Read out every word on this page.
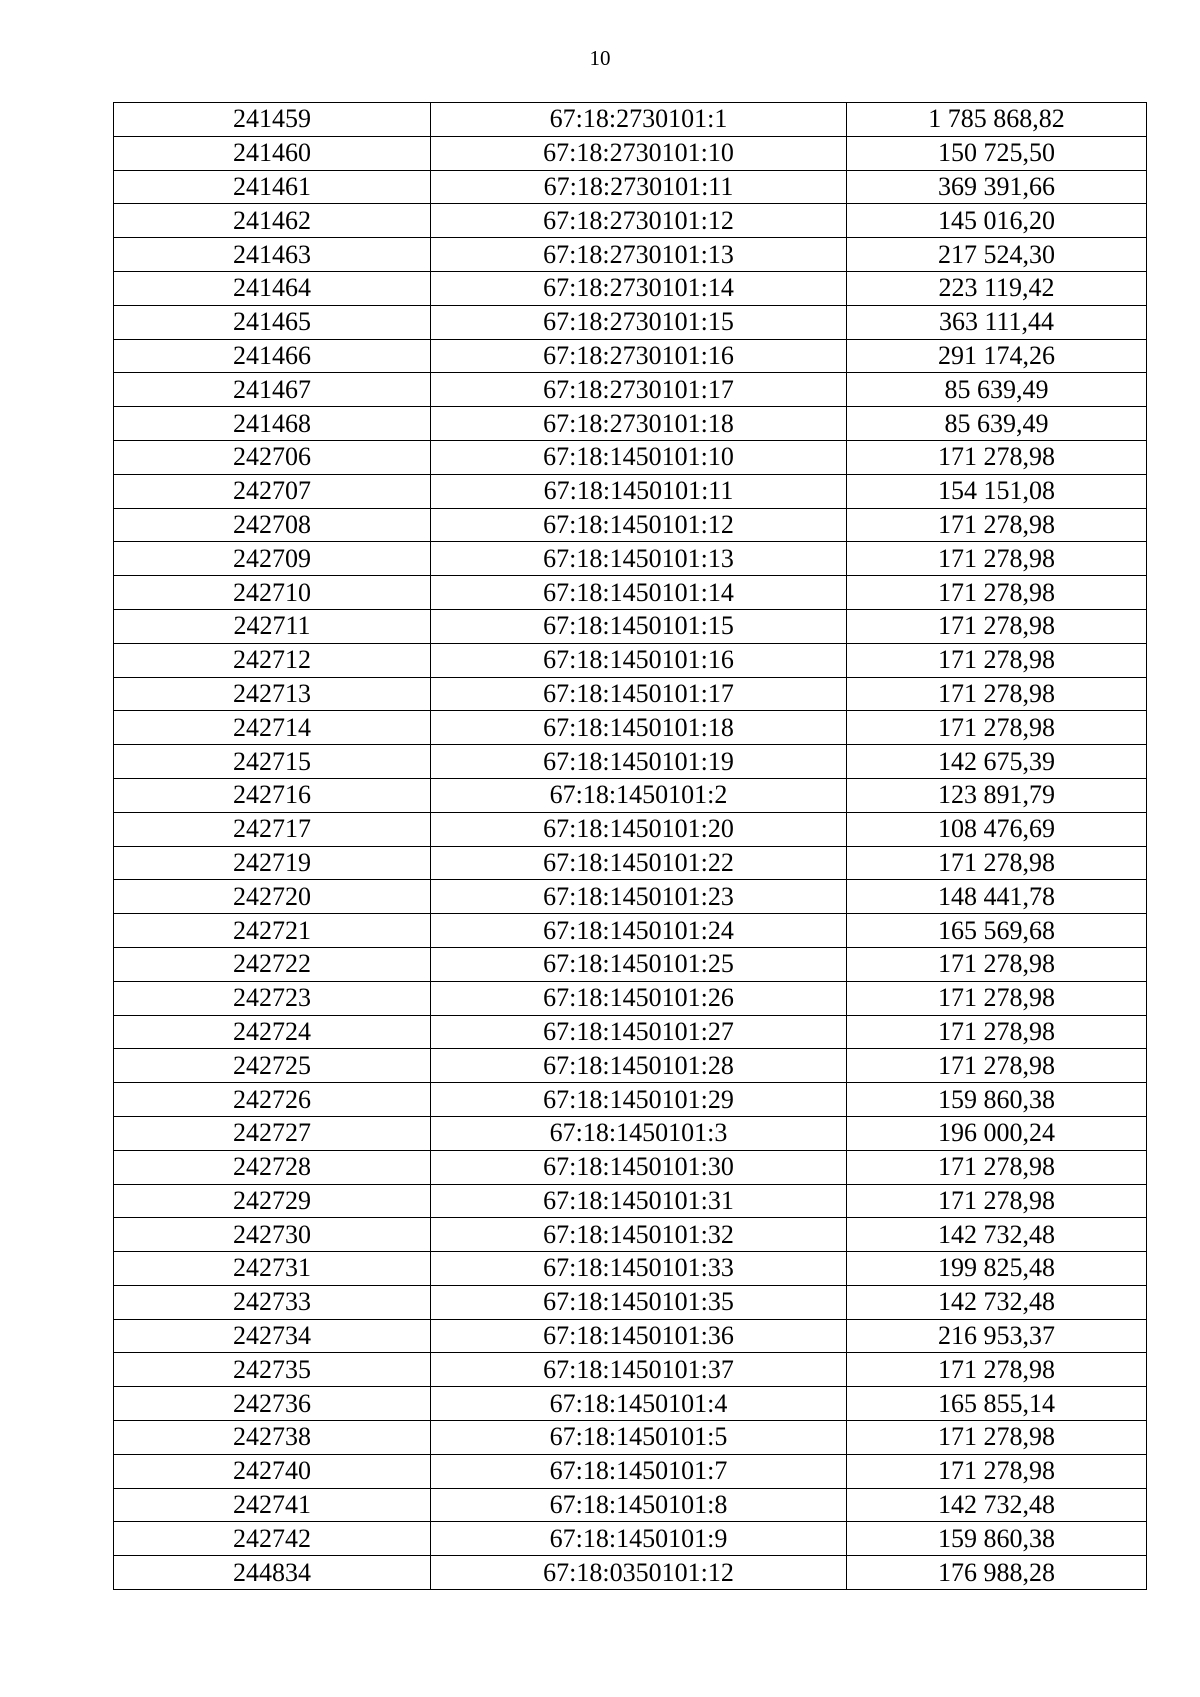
10
241459	67:18:2730101:1	1 785 868,82
241460	67:18:2730101:10	150 725,50
241461	67:18:2730101:11	369 391,66
241462	67:18:2730101:12	145 016,20
241463	67:18:2730101:13	217 524,30
241464	67:18:2730101:14	223 119,42
241465	67:18:2730101:15	363 111,44
241466	67:18:2730101:16	291 174,26
241467	67:18:2730101:17	85 639,49
241468	67:18:2730101:18	85 639,49
242706	67:18:1450101:10	171 278,98
242707	67:18:1450101:11	154 151,08
242708	67:18:1450101:12	171 278,98
242709	67:18:1450101:13	171 278,98
242710	67:18:1450101:14	171 278,98
242711	67:18:1450101:15	171 278,98
242712	67:18:1450101:16	171 278,98
242713	67:18:1450101:17	171 278,98
242714	67:18:1450101:18	171 278,98
242715	67:18:1450101:19	142 675,39
242716	67:18:1450101:2	123 891,79
242717	67:18:1450101:20	108 476,69
242719	67:18:1450101:22	171 278,98
242720	67:18:1450101:23	148 441,78
242721	67:18:1450101:24	165 569,68
242722	67:18:1450101:25	171 278,98
242723	67:18:1450101:26	171 278,98
242724	67:18:1450101:27	171 278,98
242725	67:18:1450101:28	171 278,98
242726	67:18:1450101:29	159 860,38
242727	67:18:1450101:3	196 000,24
242728	67:18:1450101:30	171 278,98
242729	67:18:1450101:31	171 278,98
242730	67:18:1450101:32	142 732,48
242731	67:18:1450101:33	199 825,48
242733	67:18:1450101:35	142 732,48
242734	67:18:1450101:36	216 953,37
242735	67:18:1450101:37	171 278,98
242736	67:18:1450101:4	165 855,14
242738	67:18:1450101:5	171 278,98
242740	67:18:1450101:7	171 278,98
242741	67:18:1450101:8	142 732,48
242742	67:18:1450101:9	159 860,38
244834	67:18:0350101:12	176 988,28
